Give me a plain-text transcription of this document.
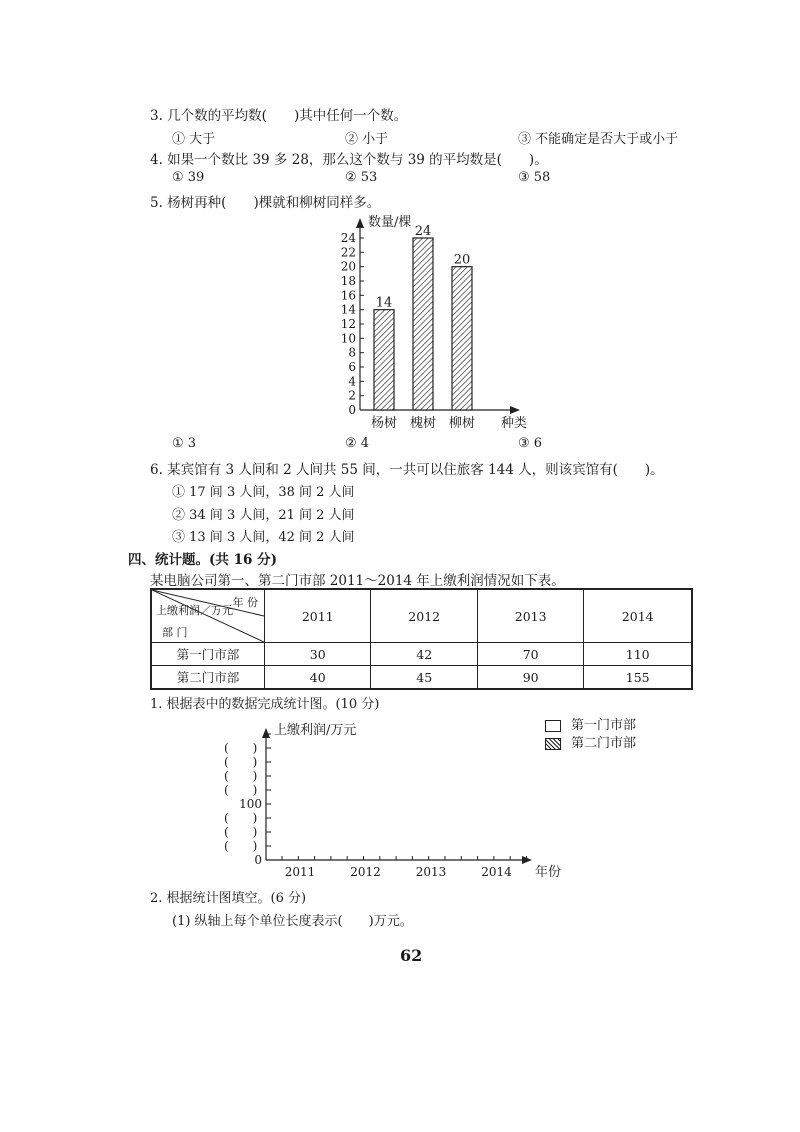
3. 几个数的平均数(　　)其中任何一个数。
① 大于	② 小于	③ 不能确定是否大于或小于
4. 如果一个数比 39 多 28，那么这个数与 39 的平均数是(　　)。
① 39	② 53	③ 58
5. 杨树再种(　　)棵就和柳树同样多。
数量/棵
0
2
4
6
8
10
12
14
16
18
20
22
24
14
杨树
24
槐树
20
柳树 种类
① 3	② 4	③ 6
6. 某宾馆有 3 人间和 2 人间共 55 间，一共可以住旅客 144 人，则该宾馆有(　　)。
① 17 间 3 人间，38 间 2 人间
② 34 间 3 人间，21 间 2 人间
③ 13 间 3 人间，42 间 2 人间
四、统计题。(共 16 分)
某电脑公司第一、第二门市部 2011～2014 年上缴利润情况如下表。
年 份
上缴利润／万元
部 门	2011	2012	2013	2014
第一门市部	30	42	70	110
第二门市部	40	45	90	155
1. 根据表中的数据完成统计图。(10 分)
第一门市部
第二门市部
上缴利润/万元
(　　)
(　　)
(　　)
(　　)
(　　)
(　　)
(　　)
100
0
2011	2012	2013	2014 年份
2. 根据统计图填空。(6 分)
(1) 纵轴上每个单位长度表示(　　)万元。
62
